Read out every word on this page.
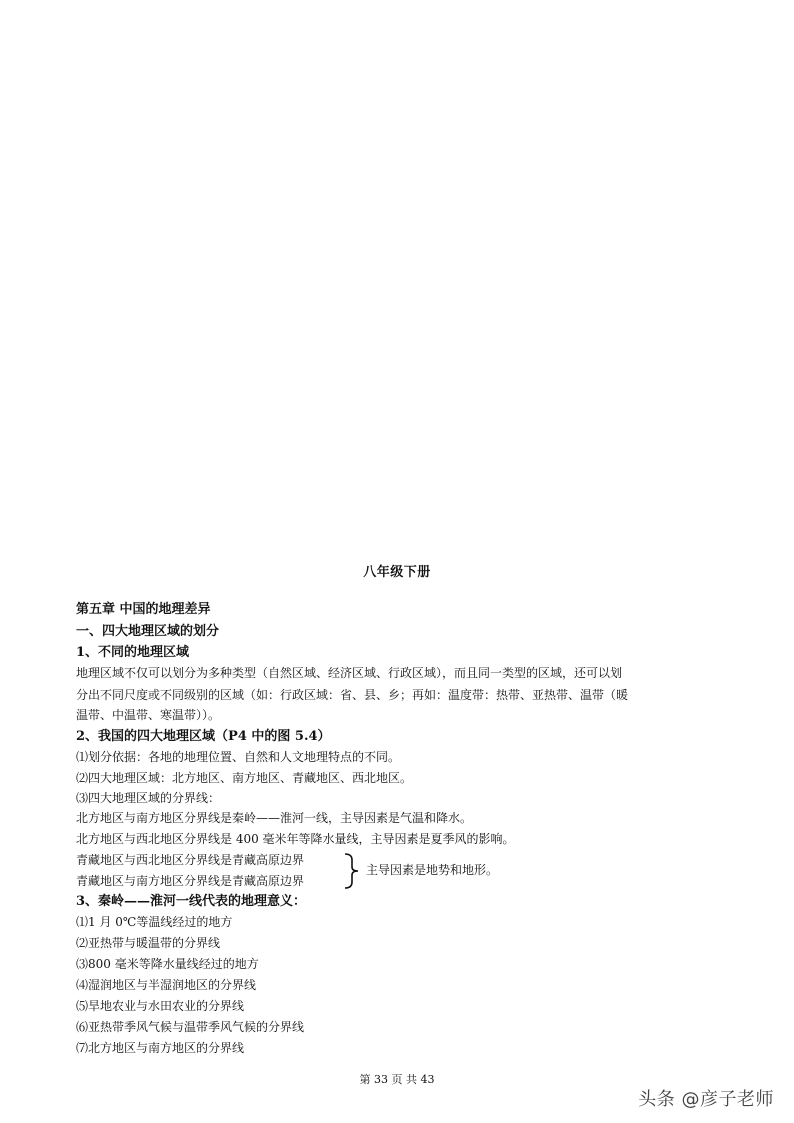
八年级下册
第五章 中国的地理差异
一、四大地理区域的划分
1、不同的地理区域
地理区域不仅可以划分为多种类型（自然区域、经济区域、行政区域），而且同一类型的区域，还可以划
分出不同尺度或不同级别的区域（如：行政区域：省、县、乡；再如：温度带：热带、亚热带、温带（暖
温带、中温带、寒温带））。
2、我国的四大地理区域（P4 中的图 5.4）
⑴划分依据：各地的地理位置、自然和人文地理特点的不同。
⑵四大地理区域：北方地区、南方地区、青藏地区、西北地区。
⑶四大地理区域的分界线：
北方地区与南方地区分界线是秦岭——淮河一线，主导因素是气温和降水。
北方地区与西北地区分界线是 400 毫米年等降水量线，主导因素是夏季风的影响。
青藏地区与西北地区分界线是青藏高原边界
青藏地区与南方地区分界线是青藏高原边界
主导因素是地势和地形。
3、秦岭——淮河一线代表的地理意义：
⑴1 月 0℃等温线经过的地方
⑵亚热带与暖温带的分界线
⑶800 毫米等降水量线经过的地方
⑷湿润地区与半湿润地区的分界线
⑸旱地农业与水田农业的分界线
⑹亚热带季风气候与温带季风气候的分界线
⑺北方地区与南方地区的分界线
第 33 页 共 43
头条 @彦子老师
